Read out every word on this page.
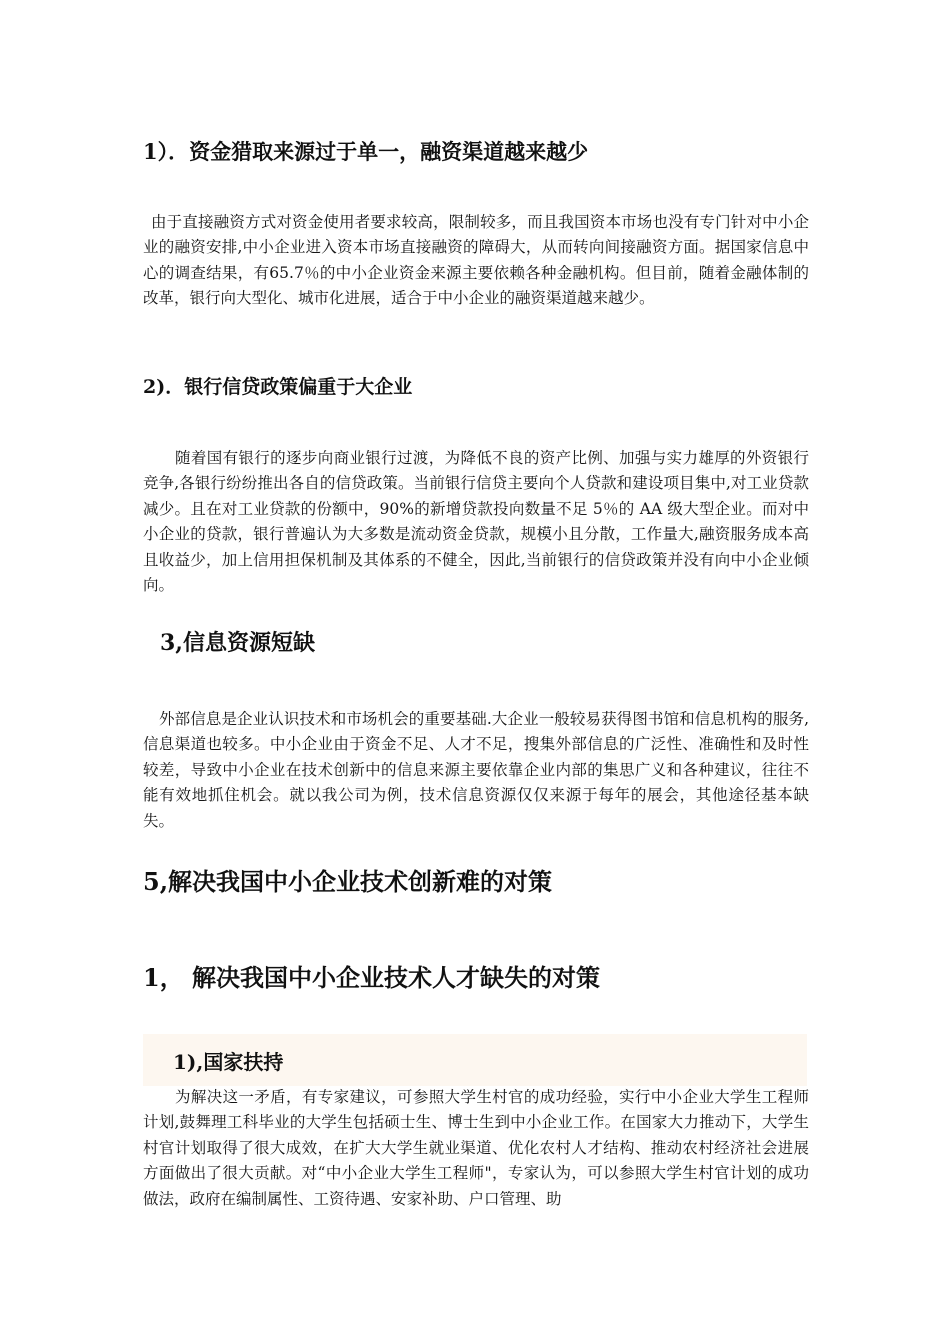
1）．资金猎取来源过于单一，融资渠道越来越少

由于直接融资方式对资金使用者要求较高，限制较多，而且我国资本市场也没有专门针对中小企业的融资安排,中小企业进入资本市场直接融资的障碍大，从而转向间接融资方面。据国家信息中心的调查结果，有65.7％的中小企业资金来源主要依赖各种金融机构。但目前，随着金融体制的改革，银行向大型化、城市化进展，适合于中小企业的融资渠道越来越少。

2)．银行信贷政策偏重于大企业

随着国有银行的逐步向商业银行过渡，为降低不良的资产比例、加强与实力雄厚的外资银行竞争,各银行纷纷推出各自的信贷政策。当前银行信贷主要向个人贷款和建设项目集中,对工业贷款减少。且在对工业贷款的份额中，90%的新增贷款投向数量不足 5％的 AA 级大型企业。而对中小企业的贷款，银行普遍认为大多数是流动资金贷款，规模小且分散，工作量大,融资服务成本高且收益少，加上信用担保机制及其体系的不健全，因此,当前银行的信贷政策并没有向中小企业倾向。

3,信息资源短缺

外部信息是企业认识技术和市场机会的重要基础.大企业一般较易获得图书馆和信息机构的服务,信息渠道也较多。中小企业由于资金不足、人才不足，搜集外部信息的广泛性、准确性和及时性较差，导致中小企业在技术创新中的信息来源主要依靠企业内部的集思广义和各种建议，往往不能有效地抓住机会。就以我公司为例，技术信息资源仅仅来源于每年的展会，其他途径基本缺失。

5,解决我国中小企业技术创新难的对策
1， 解决我国中小企业技术人才缺失的对策
1),国家扶持

为解决这一矛盾，有专家建议，可参照大学生村官的成功经验，实行中小企业大学生工程师计划,鼓舞理工科毕业的大学生包括硕士生、博士生到中小企业工作。在国家大力推动下，大学生村官计划取得了很大成效，在扩大大学生就业渠道、优化农村人才结构、推动农村经济社会进展方面做出了很大贡献。对“中小企业大学生工程师"，专家认为，可以参照大学生村官计划的成功做法，政府在编制属性、工资待遇、安家补助、户口管理、助
